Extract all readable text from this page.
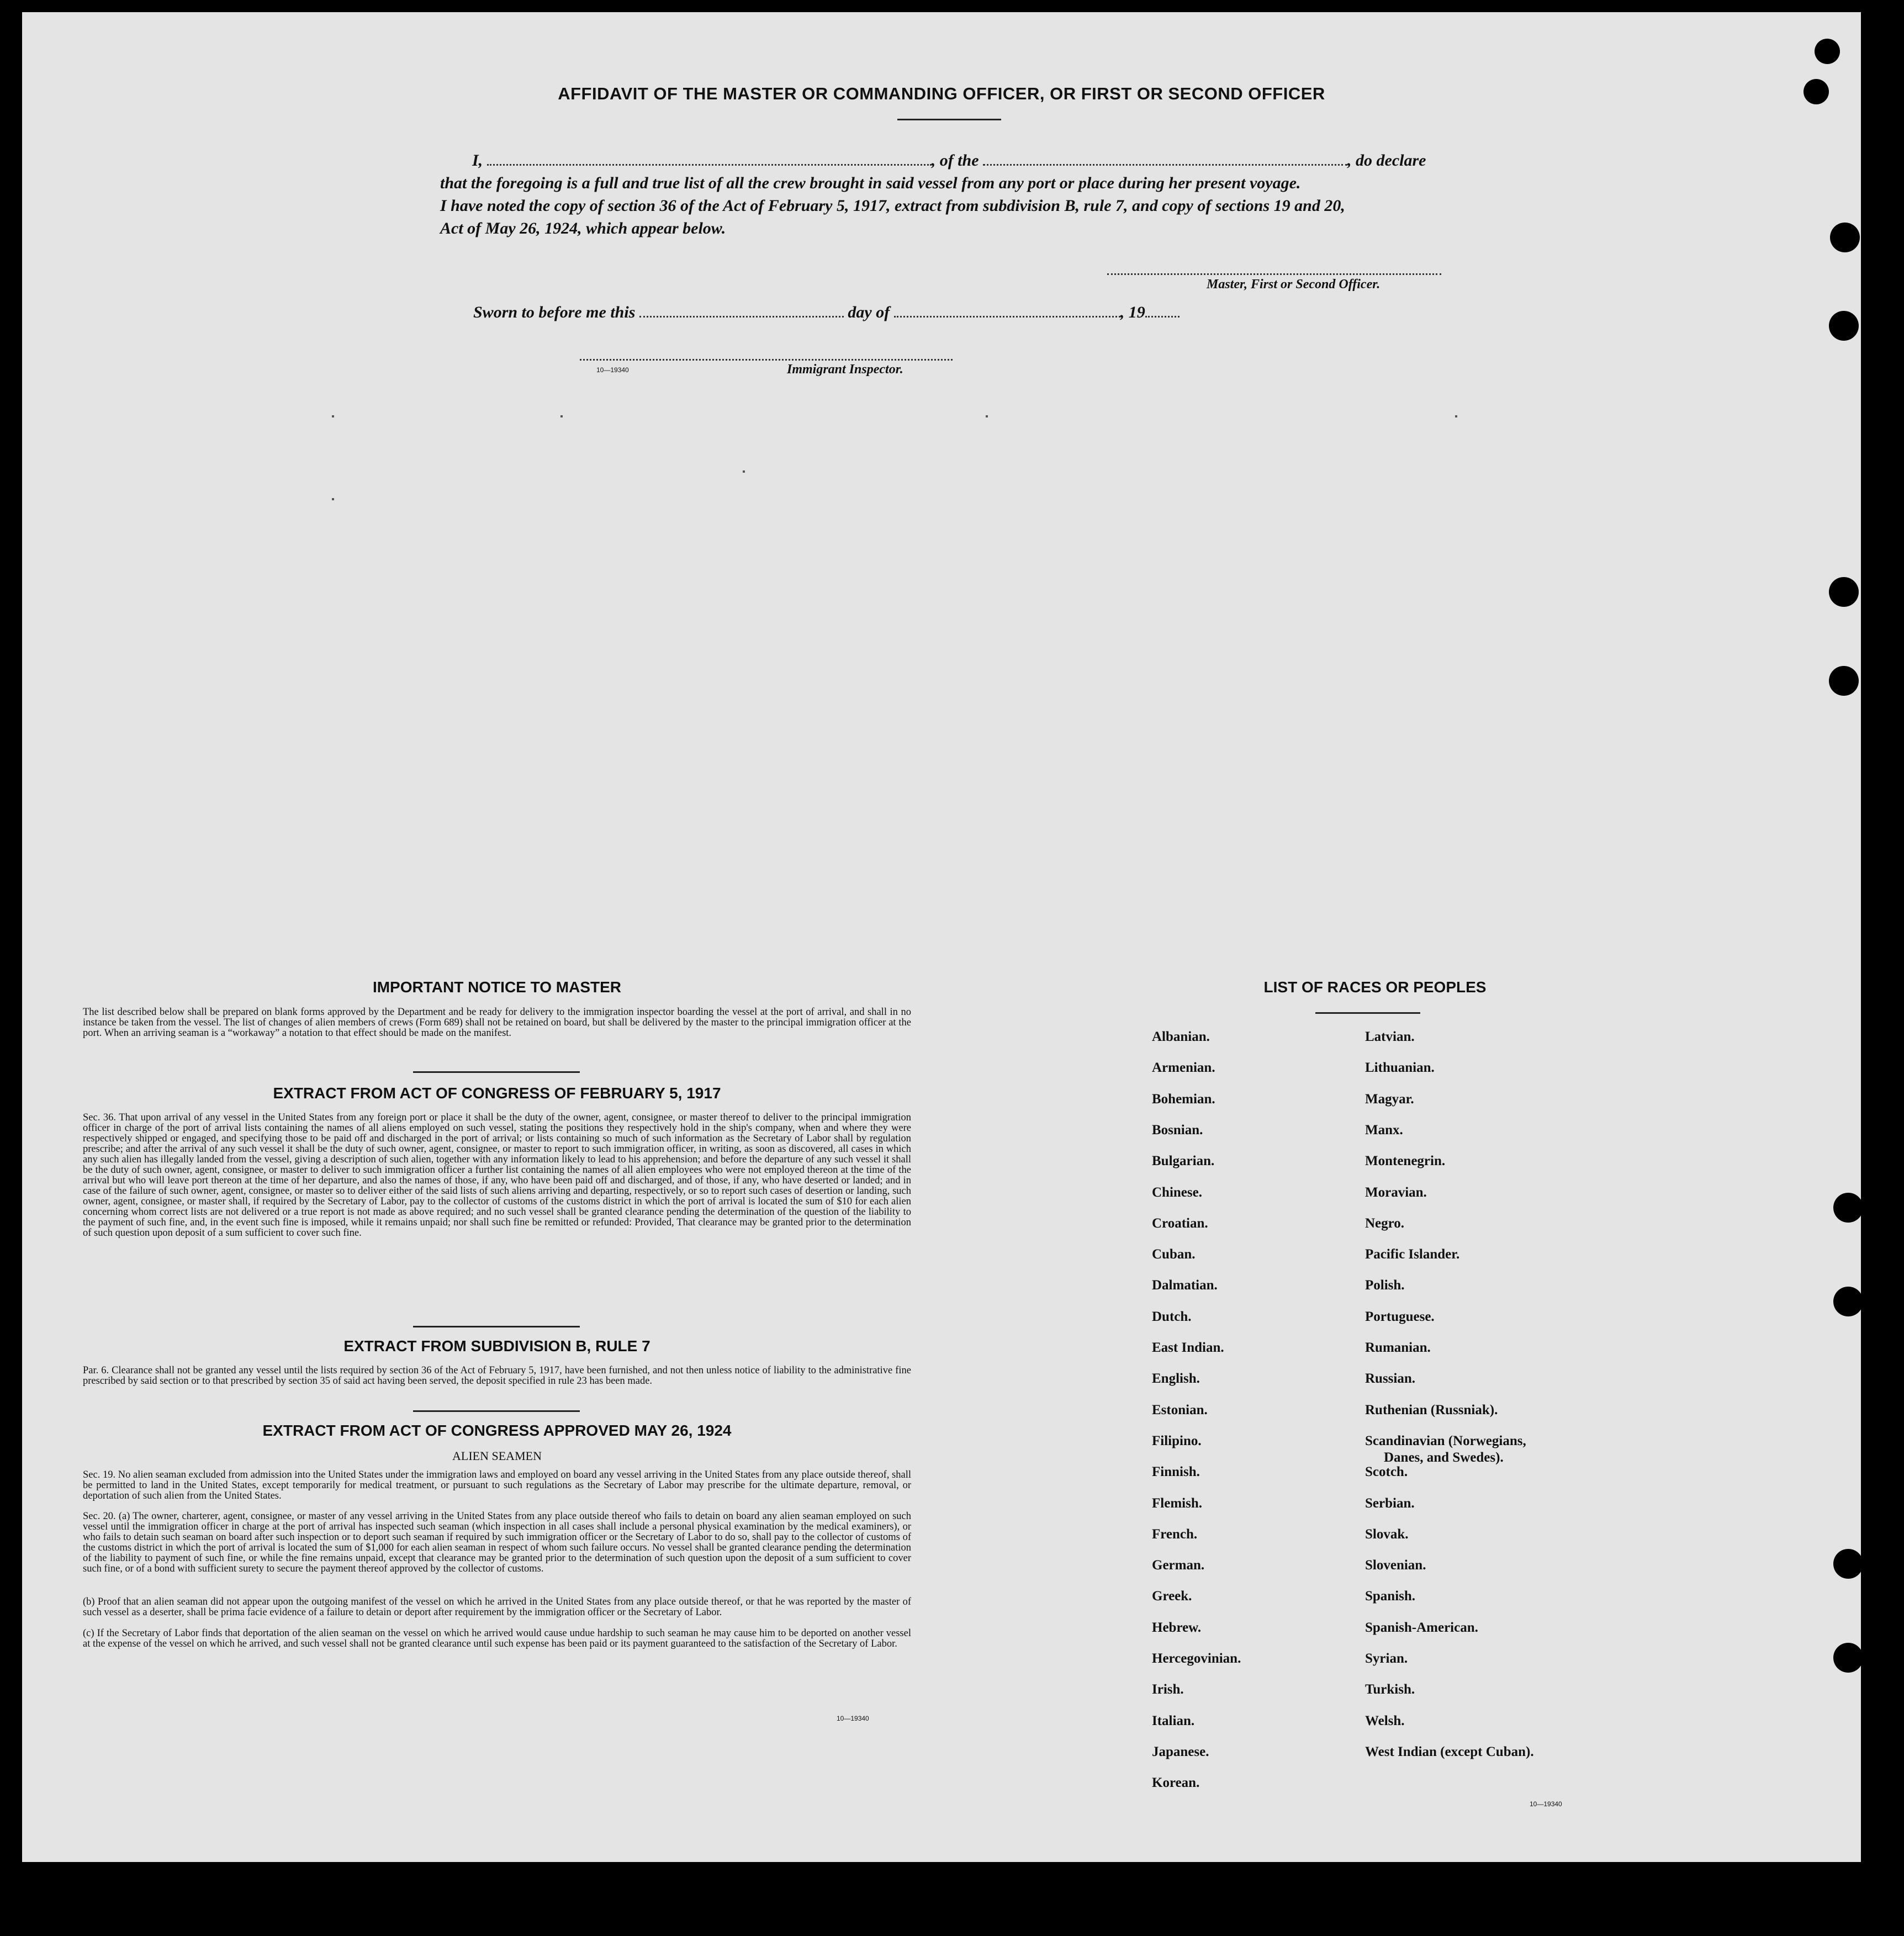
AFFIDAVIT OF THE MASTER OR COMMANDING OFFICER, OR FIRST OR SECOND OFFICER
I,	, of the	, do declare
that the foregoing is a full and true list of all the crew brought in said vessel from any port or place during her present voyage.
I have noted the copy of section 36 of the Act of February 5, 1917, extract from subdivision B, rule 7, and copy of sections 19 and 20,
Act of May 26, 1924, which appear below.
Master, First or Second Officer.
Sworn to before me this	day of	, 19
10—19340	Immigrant Inspector.
IMPORTANT NOTICE TO MASTER
The list described below shall be prepared on blank forms approved by the Department and be ready for delivery to the immigration inspector boarding the vessel at the port of arrival, and shall in no instance be taken from the vessel. The list of changes of alien members of crews (Form 689) shall not be retained on board, but shall be delivered by the master to the principal immigration officer at the port. When an arriving seaman is a “workaway” a notation to that effect should be made on the manifest.
EXTRACT FROM ACT OF CONGRESS OF FEBRUARY 5, 1917
Sec. 36. That upon arrival of any vessel in the United States from any foreign port or place it shall be the duty of the owner, agent, consignee, or master thereof to deliver to the principal immigration officer in charge of the port of arrival lists containing the names of all aliens employed on such vessel, stating the positions they respectively hold in the ship's company, when and where they were respectively shipped or engaged, and specifying those to be paid off and discharged in the port of arrival; or lists containing so much of such information as the Secretary of Labor shall by regulation prescribe; and after the arrival of any such vessel it shall be the duty of such owner, agent, consignee, or master to report to such immigration officer, in writing, as soon as discovered, all cases in which any such alien has illegally landed from the vessel, giving a description of such alien, together with any information likely to lead to his apprehension; and before the departure of any such vessel it shall be the duty of such owner, agent, consignee, or master to deliver to such immigration officer a further list containing the names of all alien employees who were not employed thereon at the time of the arrival but who will leave port thereon at the time of her departure, and also the names of those, if any, who have been paid off and discharged, and of those, if any, who have deserted or landed; and in case of the failure of such owner, agent, consignee, or master so to deliver either of the said lists of such aliens arriving and departing, respectively, or so to report such cases of desertion or landing, such owner, agent, consignee, or master shall, if required by the Secretary of Labor, pay to the collector of customs of the customs district in which the port of arrival is located the sum of $10 for each alien concerning whom correct lists are not delivered or a true report is not made as above required; and no such vessel shall be granted clearance pending the determination of the question of the liability to the payment of such fine, and, in the event such fine is imposed, while it remains unpaid; nor shall such fine be remitted or refunded: Provided, That clearance may be granted prior to the determination of such question upon deposit of a sum sufficient to cover such fine.
EXTRACT FROM SUBDIVISION B, RULE 7
Par. 6. Clearance shall not be granted any vessel until the lists required by section 36 of the Act of February 5, 1917, have been furnished, and not then unless notice of liability to the administrative fine prescribed by said section or to that prescribed by section 35 of said act having been served, the deposit specified in rule 23 has been made.
EXTRACT FROM ACT OF CONGRESS APPROVED MAY 26, 1924
ALIEN SEAMEN
Sec. 19. No alien seaman excluded from admission into the United States under the immigration laws and employed on board any vessel arriving in the United States from any place outside thereof, shall be permitted to land in the United States, except temporarily for medical treatment, or pursuant to such regulations as the Secretary of Labor may prescribe for the ultimate departure, removal, or deportation of such alien from the United States.
Sec. 20. (a) The owner, charterer, agent, consignee, or master of any vessel arriving in the United States from any place outside thereof who fails to detain on board any alien seaman employed on such vessel until the immigration officer in charge at the port of arrival has inspected such seaman (which inspection in all cases shall include a personal physical examination by the medical examiners), or who fails to detain such seaman on board after such inspection or to deport such seaman if required by such immigration officer or the Secretary of Labor to do so, shall pay to the collector of customs of the customs district in which the port of arrival is located the sum of $1,000 for each alien seaman in respect of whom such failure occurs. No vessel shall be granted clearance pending the determination of the liability to payment of such fine, or while the fine remains unpaid, except that clearance may be granted prior to the determination of such question upon the deposit of a sum sufficient to cover such fine, or of a bond with sufficient surety to secure the payment thereof approved by the collector of customs.
(b) Proof that an alien seaman did not appear upon the outgoing manifest of the vessel on which he arrived in the United States from any place outside thereof, or that he was reported by the master of such vessel as a deserter, shall be prima facie evidence of a failure to detain or deport after requirement by the immigration officer or the Secretary of Labor.
(c) If the Secretary of Labor finds that deportation of the alien seaman on the vessel on which he arrived would cause undue hardship to such seaman he may cause him to be deported on another vessel at the expense of the vessel on which he arrived, and such vessel shall not be granted clearance until such expense has been paid or its payment guaranteed to the satisfaction of the Secretary of Labor.
10—19340
LIST OF RACES OR PEOPLES
Albanian.
Armenian.
Bohemian.
Bosnian.
Bulgarian.
Chinese.
Croatian.
Cuban.
Dalmatian.
Dutch.
East Indian.
English.
Estonian.
Filipino.
Finnish.
Flemish.
French.
German.
Greek.
Hebrew.
Hercegovinian.
Irish.
Italian.
Japanese.
Korean.
Latvian.
Lithuanian.
Magyar.
Manx.
Montenegrin.
Moravian.
Negro.
Pacific Islander.
Polish.
Portuguese.
Rumanian.
Russian.
Ruthenian (Russniak).
Scandinavian (Norwegians,
Danes, and Swedes).
Scotch.
Serbian.
Slovak.
Slovenian.
Spanish.
Spanish-American.
Syrian.
Turkish.
Welsh.
West Indian (except Cuban).
10—19340
